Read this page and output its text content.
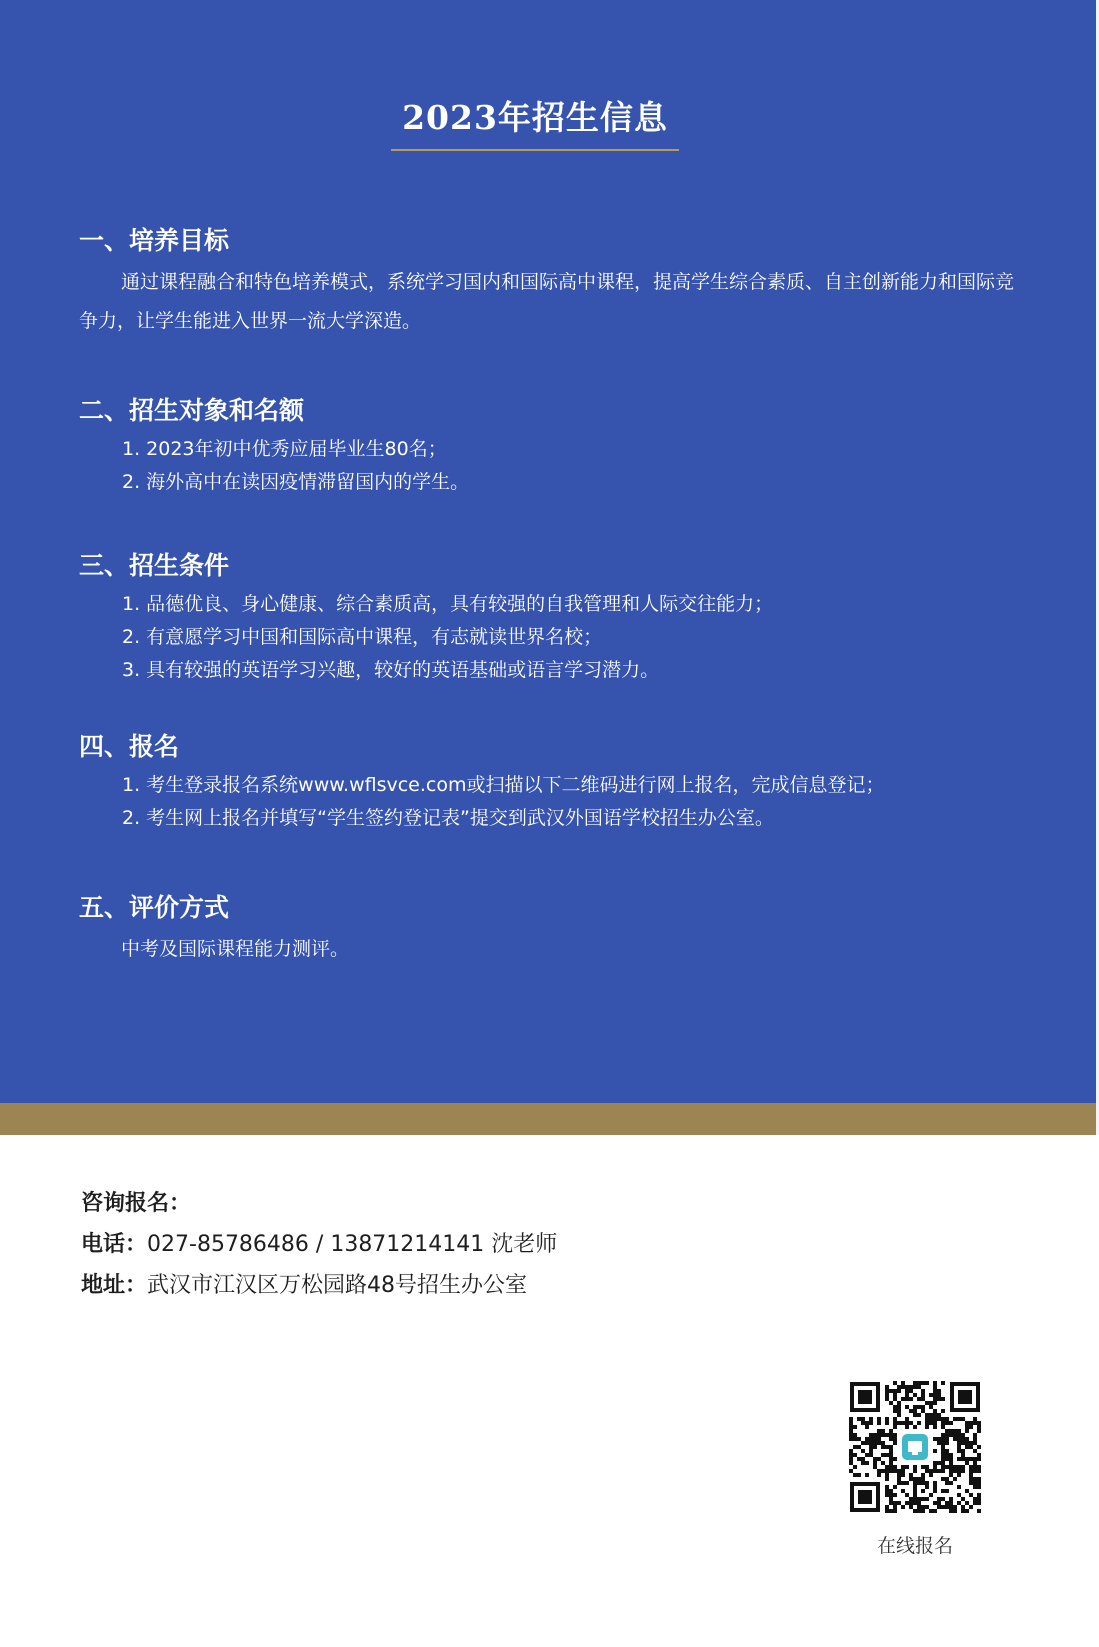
2023年招生信息
一、培养目标

通过课程融合和特色培养模式，系统学习国内和国际高中课程，提高学生综合素质、自主创新能力和国际竞争力，让学生能进入世界一流大学深造。

二、招生对象和名额

1. 2023年初中优秀应届毕业生80名；

2. 海外高中在读因疫情滞留国内的学生。

三、招生条件

1. 品德优良、身心健康、综合素质高，具有较强的自我管理和人际交往能力；

2. 有意愿学习中国和国际高中课程，有志就读世界名校；

3. 具有较强的英语学习兴趣，较好的英语基础或语言学习潜力。

四、报名

1. 考生登录报名系统www.wflsvce.com或扫描以下二维码进行网上报名，完成信息登记；

2. 考生网上报名并填写“学生签约登记表”提交到武汉外国语学校招生办公室。

五、评价方式

中考及国际课程能力测评。

咨询报名：
电话：027-85786486 / 13871214141 沈老师
地址：武汉市江汉区万松园路48号招生办公室
在线报名
